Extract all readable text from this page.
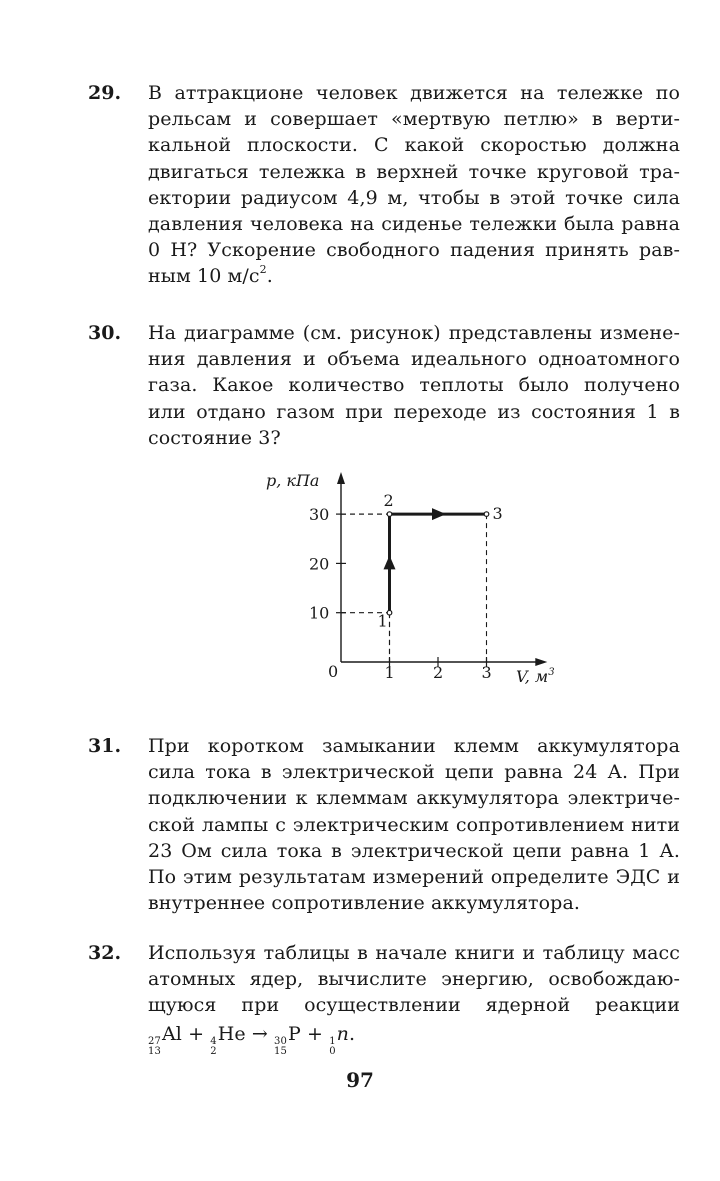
29. В аттракционе человек движется на тележке по
рельсам и совершает «мертвую петлю» в верти-
кальной плоскости. С какой скоростью должна
двигаться тележка в верхней точке круговой тра-
ектории радиусом 4,9 м, чтобы в этой точке сила
давления человека на сиденье тележки была равна
0 Н? Ускорение свободного падения принять рав-
ным 10 $м/с^2$.
30. На диаграмме (см. рисунок) представлены измене-
ния давления и объема идеального одноатомного
газа. Какое количество теплоты было получено
или отдано газом при переходе из состояния 1 в
состояние 3?
1 2 3
10
20
30
1
2
3
p, кПа
V, $м^3$
0
31. При коротком замыкании клемм аккумулятора
сила тока в электрической цепи равна 24 А. При
подключении к клеммам аккумулятора электриче-
ской лампы с электрическим сопротивлением нити
23 Ом сила тока в электрической цепи равна 1 А.
По этим результатам измерений определите ЭДС и
внутреннее сопротивление аккумулятора.
32. Используя таблицы в начале книги и таблицу масс
атомных ядер, вычислите энергию, освобождаю-
щуюся при осуществлении ядерной реакции
27
13
Al + 4
2
He → 30
15
P + 1
0
n.
97
